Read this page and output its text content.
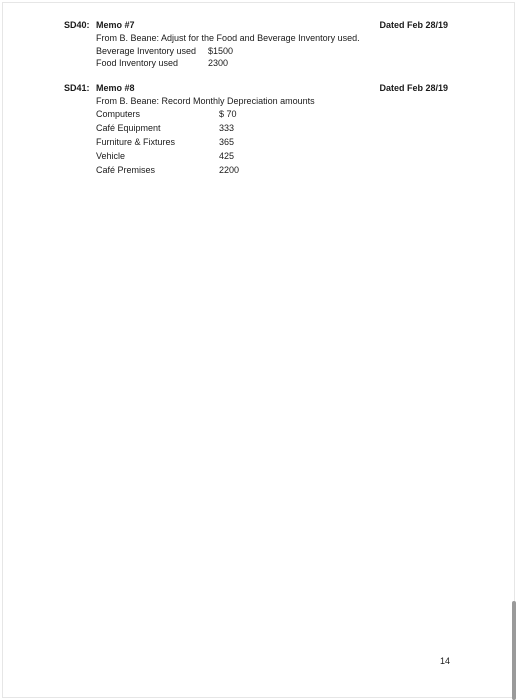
SD40: Memo #7	Dated Feb 28/19
From B. Beane: Adjust for the Food and Beverage Inventory used.
Beverage Inventory used $1500
Food Inventory used	2300
SD41: Memo #8	Dated Feb 28/19
From B. Beane: Record Monthly Depreciation amounts
Computers	$ 70
Café Equipment	333
Furniture & Fixtures	365
Vehicle	425
Café Premises	2200
14
